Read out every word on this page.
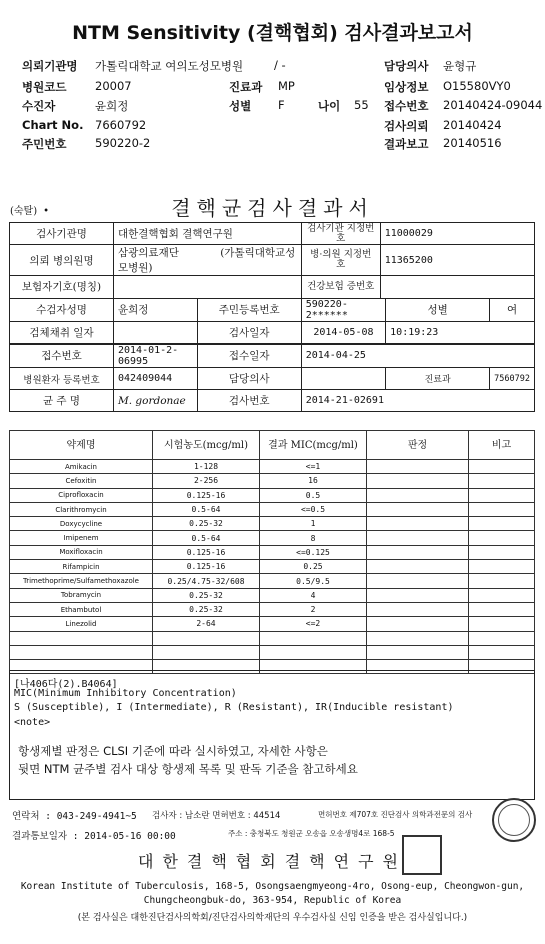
NTM Sensitivity (결핵협회) 검사결과보고서
의뢰기관명 가톨릭대학교 여의도성모병원	/ -
병원코드 20007
수진자	윤희정
Chart No. 7660792
주민번호 590220-2
진료과 MP
성별 F	나이 55
담당의사 윤형규
임상정보 O15580VY0
접수번호 20140424-09044
검사의뢰 20140424
결과보고 20140516
(숙탈) •	결핵균검사결과서
검사기관명	대한결핵협회 결핵연구원		검사기관 지정번호	11000029		
의뢰 병의원명	삼광의료재단 (가톨릭대학교성모병원)		병·의원 지정번호	11365200		
보험자기호(명칭)			건강보험 증번호			
수검자성명	윤희정	주민등록번호	590220-2******		성별	여
검체채취 일자		검사일자	2014-05-08		10:19:23	
접수번호	2014-01-2-06995	접수일자	2014-04-25			
병원환자 등록번호	042409044	담당의사			진료과	7560792
균 주 명	M. gordonae	검사번호	2014-21-02691			
약제명	시험농도(mcg/ml)	결과 MIC(mcg/ml)	판정	비고
Amikacin	1-128	<=1		
Cefoxitin	2-256	16		
Ciprofloxacin	0.125-16	0.5		
Clarithromycin	0.5-64	<=0.5		
Doxycycline	0.25-32	1		
Imipenem	0.5-64	8		
Moxifloxacin	0.125-16	<=0.125		
Rifampicin	0.125-16	0.25		
Trimethoprime/Sulfamethoxazole	0.25/4.75-32/608	0.5/9.5		
Tobramycin	0.25-32	4		
Ethambutol	0.25-32	2		
Linezolid	2-64	<=2		

[나406다(2).B4064]
MIC(Minimum Inhibitory Concentration)
S (Susceptible), I (Intermediate), R (Resistant), IR(Inducible resistant)
<note>
항생제별 판정은 CLSI 기준에 따라 실시하였고, 자세한 사항은
뒷면 NTM 균주별 검사 대상 항생제 목록 및 판독 기준을 참고하세요
연락처 : 043-249-4941~5 검사자 : 남소란 면허번호 : 44514	면허번호 제707호 진단검사 의학과전문의 검사
결과통보일자 : 2014-05-16 00:00	주소 : 충청북도 청원군 오송읍 오송생명4로 168-5
대한결핵협회결핵연구원
Korean Institute of Tuberculosis, 168-5, Osongsaengmyeong-4ro, Osong-eup, Cheongwon-gun,
Chungcheongbuk-do, 363-954, Republic of Korea
(본 검사실은 대한진단검사의학회/진단검사의학재단의 우수검사실 신임 인증을 받은 검사실입니다.)
